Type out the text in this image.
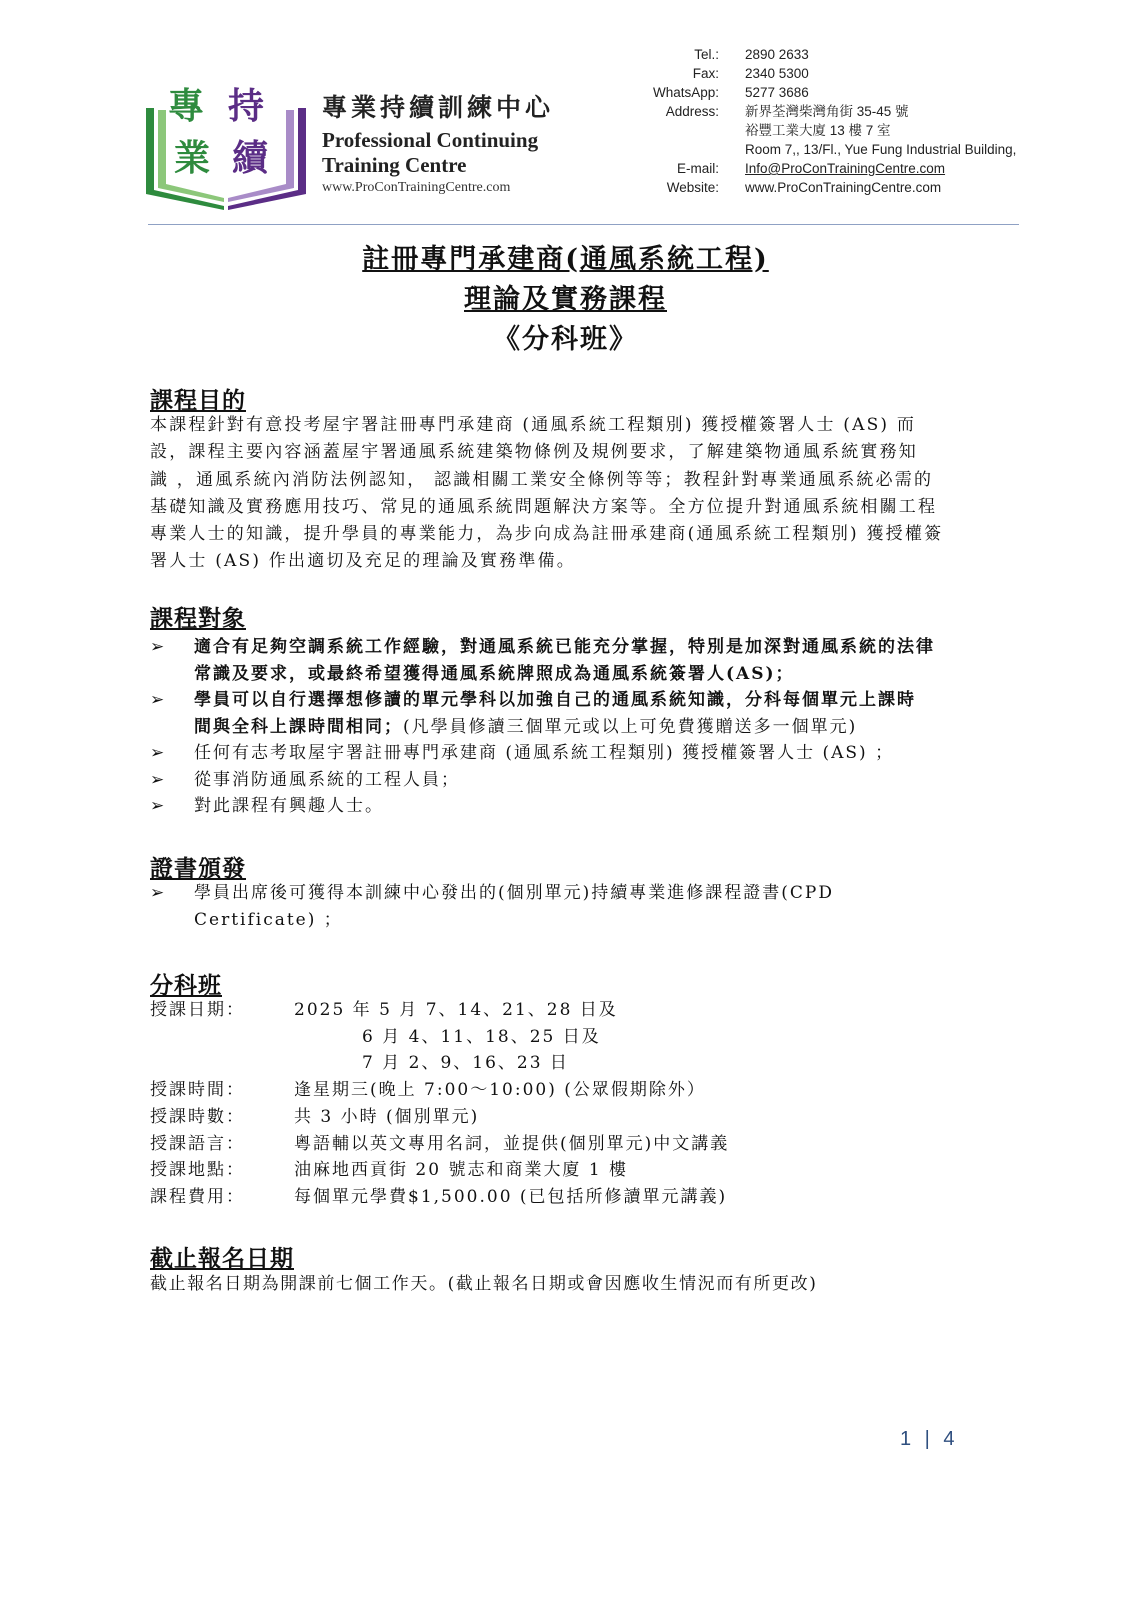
專 持
業 續
專業持續訓練中心
Professional Continuing
Training Centre
www.ProConTrainingCentre.com
Tel.: 2890 2633
Fax: 2340 5300
WhatsApp: 5277 3686
Address: 新界荃灣柴灣角街 35-45 號
裕豐工業大廈 13 樓 7 室
Room 7,, 13/Fl., Yue Fung Industrial Building,
E-mail: Info@ProConTrainingCentre.com
Website: www.ProConTrainingCentre.com
註冊專門承建商(通風系統工程)
理論及實務課程
《分科班》
課程目的
本課程針對有意投考屋宇署註冊專門承建商 (通風系統工程類別) 獲授權簽署人士 (AS) 而
設，課程主要內容涵蓋屋宇署通風系統建築物條例及規例要求，了解建築物通風系統實務知
識 ，通風系統內消防法例認知， 認識相關工業安全條例等等；教程針對專業通風系統必需的
基礎知識及實務應用技巧、常見的通風系統問題解決方案等。全方位提升對通風系統相關工程
專業人士的知識，提升學員的專業能力，為步向成為註冊承建商(通風系統工程類別) 獲授權簽
署人士 (AS) 作出適切及充足的理論及實務準備。
課程對象
➢ 適合有足夠空調系統工作經驗，對通風系統已能充分掌握，特別是加深對通風系統的法律
常識及要求，或最終希望獲得通風系統牌照成為通風系統簽署人(AS)；
➢ 學員可以自行選擇想修讀的單元學科以加強自己的通風系統知識，分科每個單元上課時
間與全科上課時間相同；(凡學員修讀三個單元或以上可免費獲贈送多一個單元)
➢ 任何有志考取屋宇署註冊專門承建商 (通風系統工程類別) 獲授權簽署人士 (AS) ；
➢ 從事消防通風系統的工程人員；
➢ 對此課程有興趣人士。
證書頒發
➢ 學員出席後可獲得本訓練中心發出的(個別單元)持續專業進修課程證書(CPD
Certificate) ；
分科班
授課日期：	2025 年 5 月 7、14、21、28 日及
6 月 4、11、18、25 日及
7 月 2、9、16、23 日
授課時間：	逢星期三(晚上 7:00～10:00) (公眾假期除外）
授課時數：	共 3 小時 (個別單元)
授課語言：	粵語輔以英文專用名詞，並提供(個別單元)中文講義
授課地點：	油麻地西貢街 20 號志和商業大廈 1 樓
課程費用：	每個單元學費$1,500.00 (已包括所修讀單元講義)
截止報名日期
截止報名日期為開課前七個工作天。(截止報名日期或會因應收生情況而有所更改)
1 | 4
